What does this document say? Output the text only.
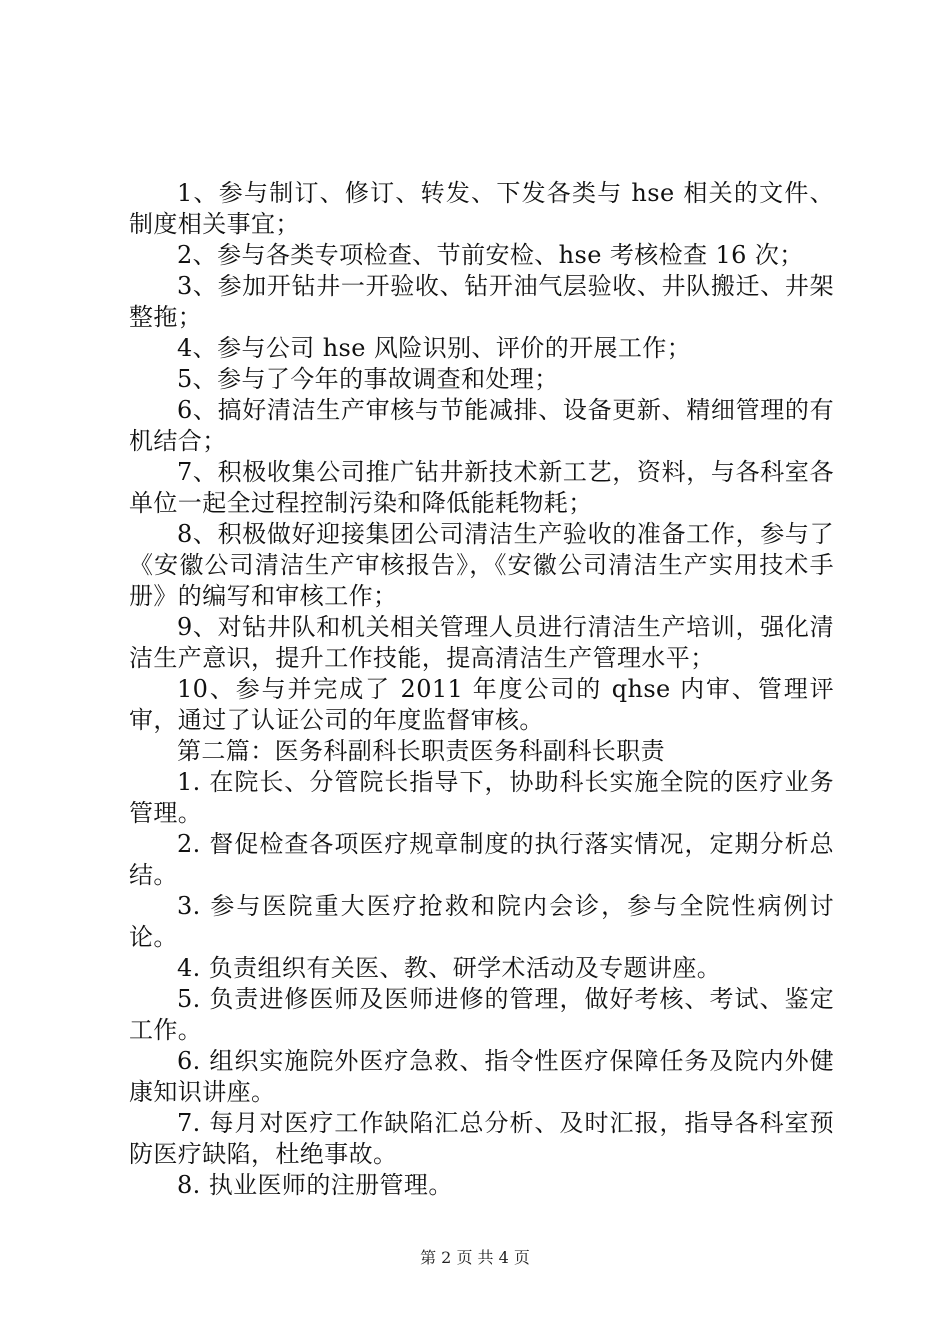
1、参与制订、修订、转发、下发各类与 hse 相关的文件、制度相关事宜；

2、参与各类专项检查、节前安检、hse 考核检查 16 次；

3、参加开钻井一开验收、钻开油气层验收、井队搬迁、井架整拖；

4、参与公司 hse 风险识别、评价的开展工作；

5、参与了今年的事故调查和处理；

6、搞好清洁生产审核与节能减排、设备更新、精细管理的有机结合；

7、积极收集公司推广钻井新技术新工艺，资料，与各科室各单位一起全过程控制污染和降低能耗物耗；

8、积极做好迎接集团公司清洁生产验收的准备工作，参与了《安徽公司清洁生产审核报告》，《安徽公司清洁生产实用技术手册》的编写和审核工作；

9、对钻井队和机关相关管理人员进行清洁生产培训，强化清洁生产意识，提升工作技能，提高清洁生产管理水平；

10、参与并完成了 2011 年度公司的 qhse 内审、管理评审，通过了认证公司的年度监督审核。

第二篇：医务科副科长职责医务科副科长职责

1. 在院长、分管院长指导下，协助科长实施全院的医疗业务管理。

2. 督促检查各项医疗规章制度的执行落实情况，定期分析总结。

3. 参与医院重大医疗抢救和院内会诊，参与全院性病例讨论。

4. 负责组织有关医、教、研学术活动及专题讲座。

5. 负责进修医师及医师进修的管理，做好考核、考试、鉴定工作。

6. 组织实施院外医疗急救、指令性医疗保障任务及院内外健康知识讲座。

7. 每月对医疗工作缺陷汇总分析、及时汇报，指导各科室预防医疗缺陷，杜绝事故。

8. 执业医师的注册管理。

第 2 页 共 4 页
